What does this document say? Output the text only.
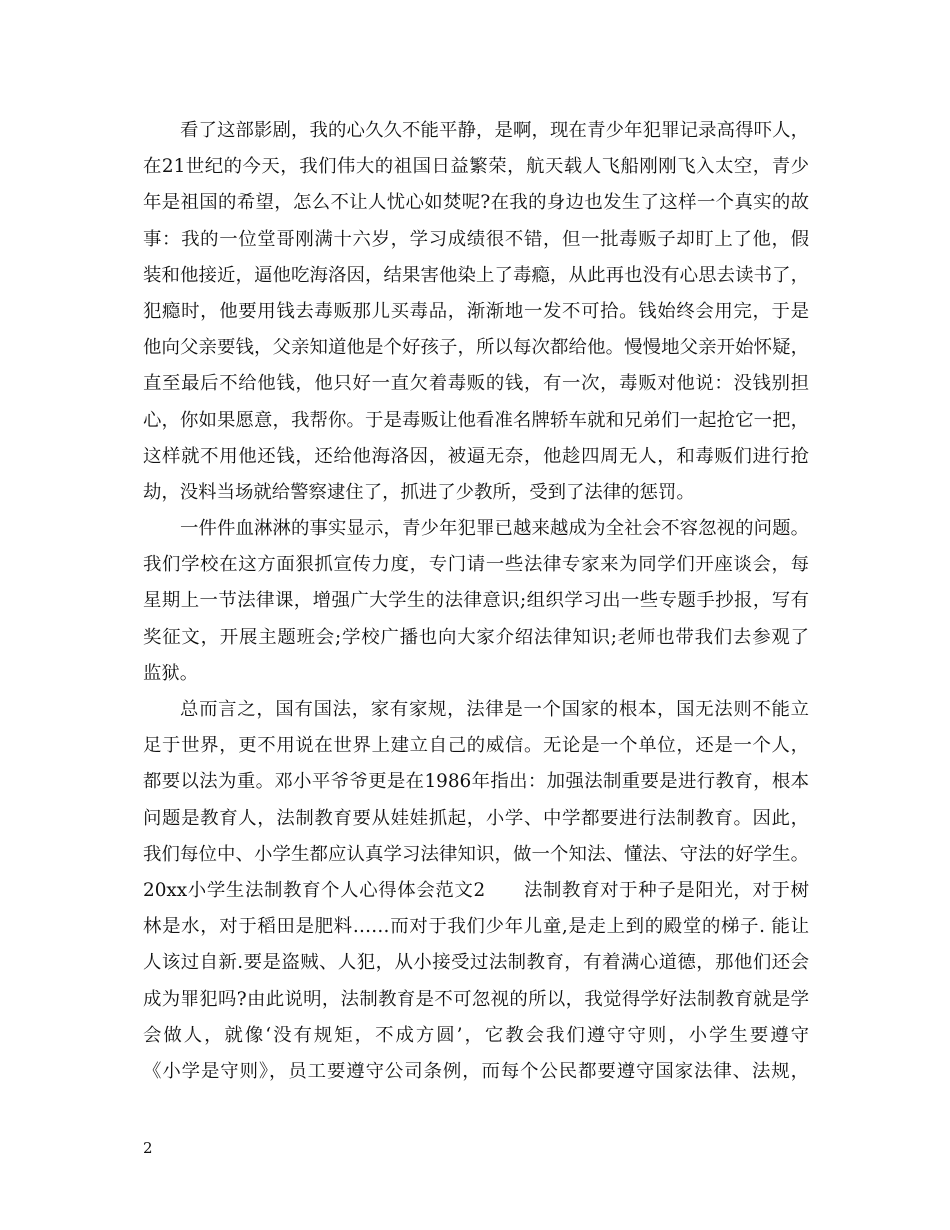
看了这部影剧，我的心久久不能平静，是啊，现在青少年犯罪记录高得吓人，
在21世纪的今天，我们伟大的祖国日益繁荣，航天载人飞船刚刚飞入太空，青少
年是祖国的希望，怎么不让人忧心如焚呢?在我的身边也发生了这样一个真实的故
事：我的一位堂哥刚满十六岁，学习成绩很不错，但一批毒贩子却盯上了他，假
装和他接近，逼他吃海洛因，结果害他染上了毒瘾，从此再也没有心思去读书了，
犯瘾时，他要用钱去毒贩那儿买毒品，渐渐地一发不可拾。钱始终会用完，于是
他向父亲要钱，父亲知道他是个好孩子，所以每次都给他。慢慢地父亲开始怀疑，
直至最后不给他钱，他只好一直欠着毒贩的钱，有一次，毒贩对他说：没钱别担
心，你如果愿意，我帮你。于是毒贩让他看准名牌轿车就和兄弟们一起抢它一把，
这样就不用他还钱，还给他海洛因，被逼无奈，他趁四周无人，和毒贩们进行抢
劫，没料当场就给警察逮住了，抓进了少教所，受到了法律的惩罚。
一件件血淋淋的事实显示，青少年犯罪已越来越成为全社会不容忽视的问题。
我们学校在这方面狠抓宣传力度，专门请一些法律专家来为同学们开座谈会，每
星期上一节法律课，增强广大学生的法律意识;组织学习出一些专题手抄报，写有
奖征文，开展主题班会;学校广播也向大家介绍法律知识;老师也带我们去参观了
监狱。
总而言之，国有国法，家有家规，法律是一个国家的根本，国无法则不能立
足于世界，更不用说在世界上建立自己的威信。无论是一个单位，还是一个人，
都要以法为重。邓小平爷爷更是在1986年指出：加强法制重要是进行教育，根本
问题是教育人，法制教育要从娃娃抓起，小学、中学都要进行法制教育。因此，
我们每位中、小学生都应认真学习法律知识，做一个知法、懂法、守法的好学生。
20xx小学生法制教育个人心得体会范文2　　法制教育对于种子是阳光，对于树
林是水，对于稻田是肥料……而对于我们少年儿童,是走上到的殿堂的梯子. 能让
人该过自新.要是盗贼、人犯，从小接受过法制教育，有着满心道德，那他们还会
成为罪犯吗?由此说明，法制教育是不可忽视的所以，我觉得学好法制教育就是学
会做人，就像‘没有规矩，不成方圆’，它教会我们遵守守则，小学生要遵守
《小学是守则》，员工要遵守公司条例，而每个公民都要遵守国家法律、法规，
2
